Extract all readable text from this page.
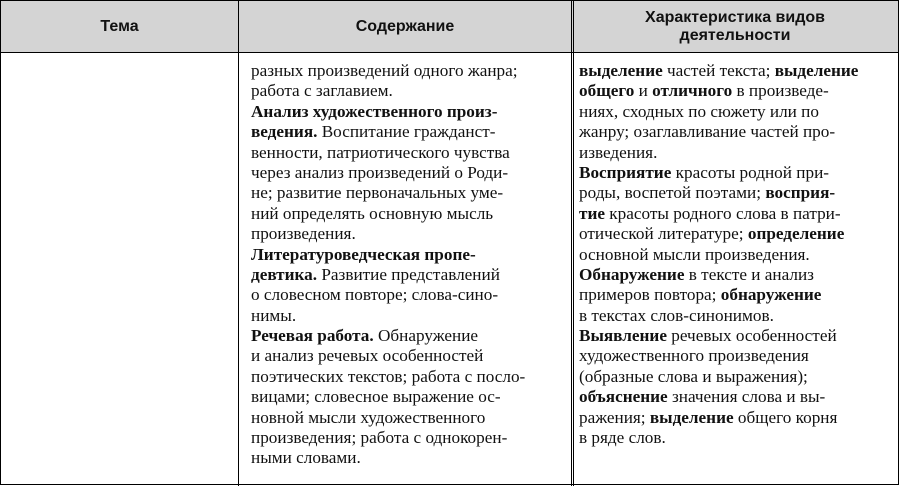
Тема	Содержание
Характеристика видов
деятельности
разных произведений одного жанра;
работа с заглавием.
Анализ художественного произ-
ведения. Воспитание гражданст-
венности, патриотического чувства
через анализ произведений о Роди-
не; развитие первоначальных уме-
ний определять основную мысль
произведения.
Литературоведческая пропе-
девтика. Развитие представлений
о словесном повторе; слова-сино-
нимы.
Речевая работа. Обнаружение
и анализ речевых особенностей
поэтических текстов; работа с посло-
вицами; словесное выражение ос-
новной мысли художественного
произведения; работа с однокорен-
ными словами.
выделение частей текста; выделение
общего и отличного в произведе-
ниях, сходных по сюжету или по
жанру; озаглавливание частей про-
изведения.
Восприятие красоты родной при-
роды, воспетой поэтами; восприя-
тие красоты родного слова в патри-
отической литературе; определение
основной мысли произведения.
Обнаружение в тексте и анализ
примеров повтора; обнаружение
в текстах слов-синонимов.
Выявление речевых особенностей
художественного произведения
(образные слова и выражения);
объяснение значения слова и вы-
ражения; выделение общего корня
в ряде слов.
